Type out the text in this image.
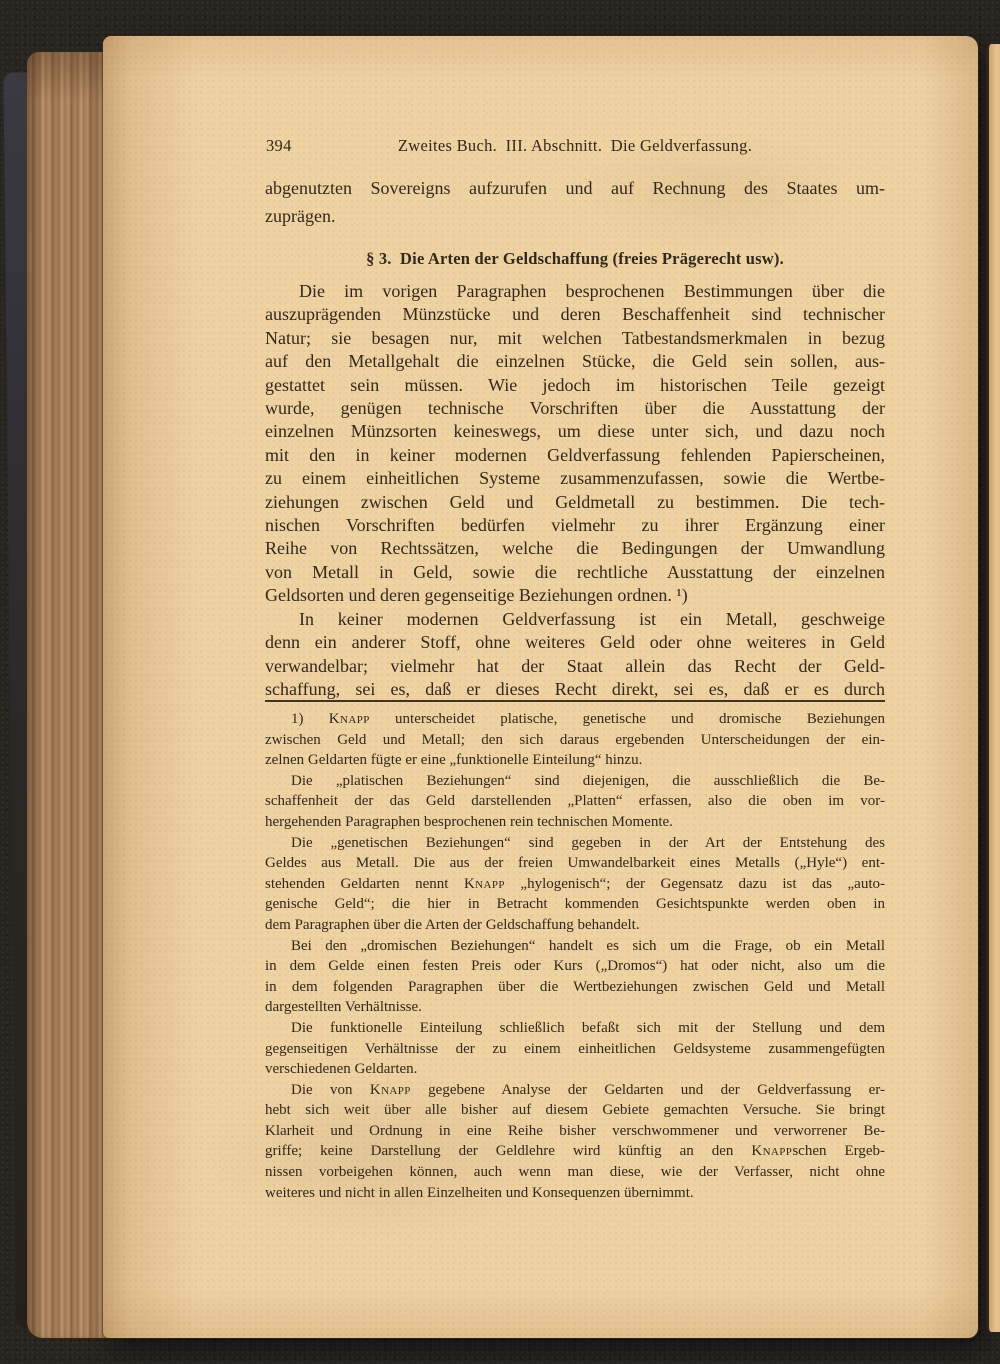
394	Zweites Buch. III. Abschnitt. Die Geldverfassung.
abgenutzten Sovereigns aufzurufen und auf Rechnung des Staates um-
zuprägen.
§ 3. Die Arten der Geldschaffung (freies Prägerecht usw).
Die im vorigen Paragraphen besprochenen Bestimmungen über die
auszuprägenden Münzstücke und deren Beschaffenheit sind technischer
Natur; sie besagen nur, mit welchen Tatbestandsmerkmalen in bezug
auf den Metallgehalt die einzelnen Stücke, die Geld sein sollen, aus-
gestattet sein müssen. Wie jedoch im historischen Teile gezeigt
wurde, genügen technische Vorschriften über die Ausstattung der
einzelnen Münzsorten keineswegs, um diese unter sich, und dazu noch
mit den in keiner modernen Geldverfassung fehlenden Papierscheinen,
zu einem einheitlichen Systeme zusammenzufassen, sowie die Wertbe-
ziehungen zwischen Geld und Geldmetall zu bestimmen. Die tech-
nischen Vorschriften bedürfen vielmehr zu ihrer Ergänzung einer
Reihe von Rechtssätzen, welche die Bedingungen der Umwandlung
von Metall in Geld, sowie die rechtliche Ausstattung der einzelnen
Geldsorten und deren gegenseitige Beziehungen ordnen. ¹)
In keiner modernen Geldverfassung ist ein Metall, geschweige
denn ein anderer Stoff, ohne weiteres Geld oder ohne weiteres in Geld
verwandelbar; vielmehr hat der Staat allein das Recht der Geld-
schaffung, sei es, daß er dieses Recht direkt, sei es, daß er es durch
1) Knapp unterscheidet platische, genetische und dromische Beziehungen
zwischen Geld und Metall; den sich daraus ergebenden Unterscheidungen der ein-
zelnen Geldarten fügte er eine „funktionelle Einteilung“ hinzu.
Die „platischen Beziehungen“ sind diejenigen, die ausschließlich die Be-
schaffenheit der das Geld darstellenden „Platten“ erfassen, also die oben im vor-
hergehenden Paragraphen besprochenen rein technischen Momente.
Die „genetischen Beziehungen“ sind gegeben in der Art der Entstehung des
Geldes aus Metall. Die aus der freien Umwandelbarkeit eines Metalls („Hyle“) ent-
stehenden Geldarten nennt Knapp „hylogenisch“; der Gegensatz dazu ist das „auto-
genische Geld“; die hier in Betracht kommenden Gesichtspunkte werden oben in
dem Paragraphen über die Arten der Geldschaffung behandelt.
Bei den „dromischen Beziehungen“ handelt es sich um die Frage, ob ein Metall
in dem Gelde einen festen Preis oder Kurs („Dromos“) hat oder nicht, also um die
in dem folgenden Paragraphen über die Wertbeziehungen zwischen Geld und Metall
dargestellten Verhältnisse.
Die funktionelle Einteilung schließlich befaßt sich mit der Stellung und dem
gegenseitigen Verhältnisse der zu einem einheitlichen Geldsysteme zusammengefügten
verschiedenen Geldarten.
Die von Knapp gegebene Analyse der Geldarten und der Geldverfassung er-
hebt sich weit über alle bisher auf diesem Gebiete gemachten Versuche. Sie bringt
Klarheit und Ordnung in eine Reihe bisher verschwommener und verworrener Be-
griffe; keine Darstellung der Geldlehre wird künftig an den Knappschen Ergeb-
nissen vorbeigehen können, auch wenn man diese, wie der Verfasser, nicht ohne
weiteres und nicht in allen Einzelheiten und Konsequenzen übernimmt.
